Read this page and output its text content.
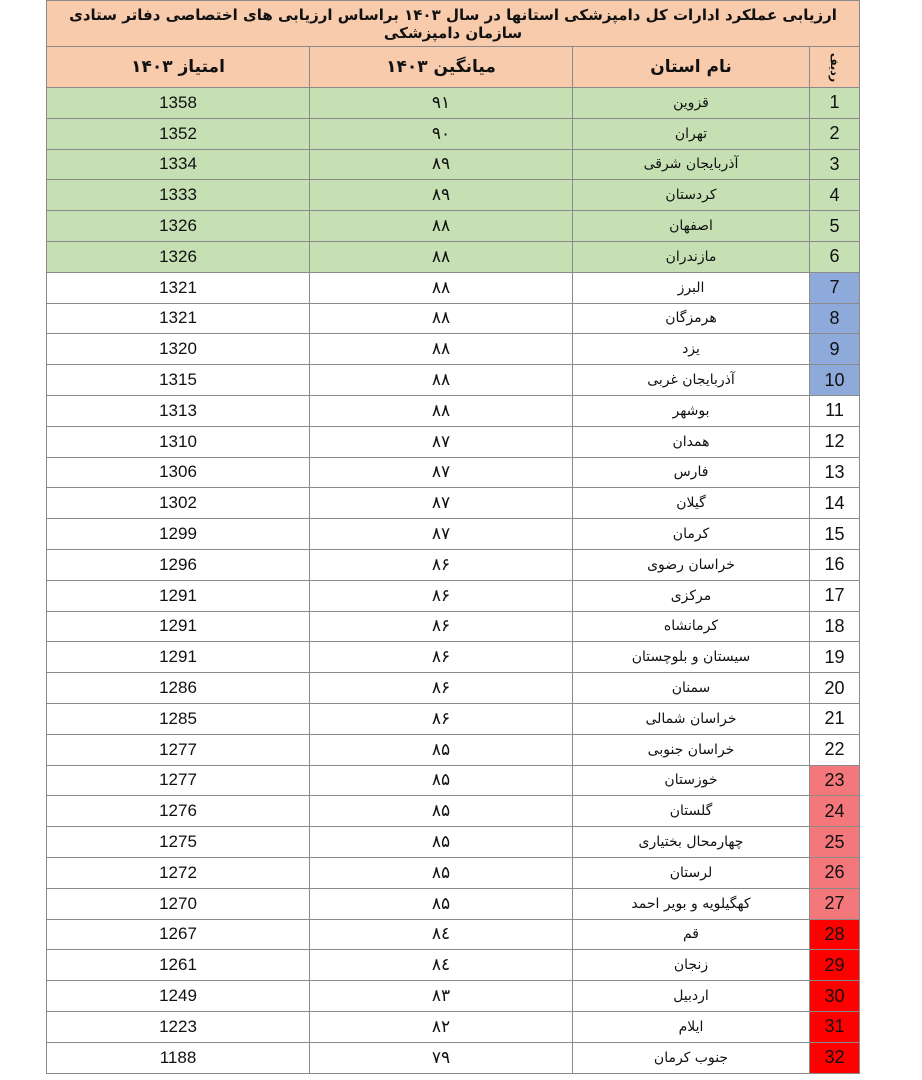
ارزیابی عملکرد ادارات کل دامپزشکی استانها در سال ۱۴۰۳ براساس ارزیابی های اختصاصی دفاتر ستادی سازمان دامپزشکی			
امتیاز ۱۴۰۳	میانگین ۱۴۰۳	نام استان	ردیف
1358	۹۱	قزوین	1
1352	۹۰	تهران	2
1334	۸۹	آذربایجان شرقی	3
1333	۸۹	کردستان	4
1326	۸۸	اصفهان	5
1326	۸۸	مازندران	6
1321	۸۸	البرز	7
1321	۸۸	هرمزگان	8
1320	۸۸	یزد	9
1315	۸۸	آذربایجان غربی	10
1313	۸۸	بوشهر	11
1310	۸۷	همدان	12
1306	۸۷	فارس	13
1302	۸۷	گیلان	14
1299	۸۷	کرمان	15
1296	۸۶	خراسان رضوی	16
1291	۸۶	مرکزی	17
1291	۸۶	کرمانشاه	18
1291	۸۶	سیستان و بلوچستان	19
1286	۸۶	سمنان	20
1285	۸۶	خراسان شمالی	21
1277	۸۵	خراسان جنوبی	22
1277	۸۵	خوزستان	23
1276	۸۵	گلستان	24
1275	۸۵	چهارمحال بختیاری	25
1272	۸۵	لرستان	26
1270	۸۵	کهگیلویه و بویر احمد	27
1267	۸٤	قم	28
1261	۸٤	زنجان	29
1249	۸۳	اردبیل	30
1223	۸۲	ایلام	31
1188	۷۹	جنوب کرمان	32
